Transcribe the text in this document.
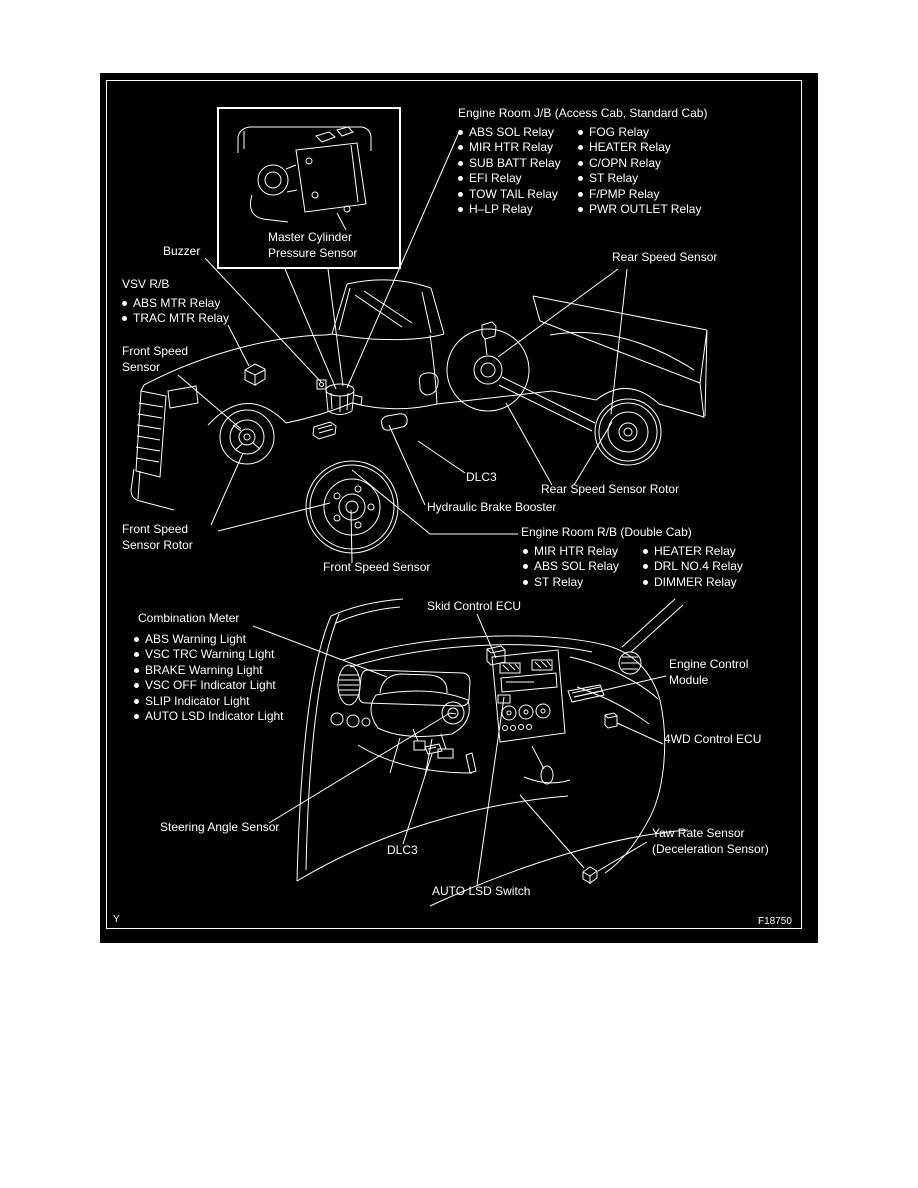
Master Cylinder
Pressure Sensor
Engine Room J/B (Access Cab, Standard Cab)
ABS SOL Relay
MIR HTR Relay
SUB BATT Relay
EFI Relay
TOW TAIL Relay
H–LP Relay
FOG Relay
HEATER Relay
C/OPN Relay
ST Relay
F/PMP Relay
PWR OUTLET Relay
Buzzer
VSV R/B
ABS MTR Relay
TRAC MTR Relay
Front Speed
Sensor
Rear Speed Sensor
DLC3
Rear Speed Sensor Rotor
Hydraulic Brake Booster
Engine Room R/B (Double Cab)
MIR HTR Relay
ABS SOL Relay
ST Relay
HEATER Relay
DRL NO.4 Relay
DIMMER Relay
Front Speed
Sensor Rotor
Front Speed Sensor
Combination Meter
ABS Warning Light
VSC TRC Warning Light
BRAKE Warning Light
VSC OFF Indicator Light
SLIP Indicator Light
AUTO LSD Indicator Light
Skid Control ECU
Engine Control
Module
4WD Control ECU
Steering Angle Sensor
DLC3
AUTO LSD Switch
Yaw Rate Sensor
(Deceleration Sensor)
Y	F18750
